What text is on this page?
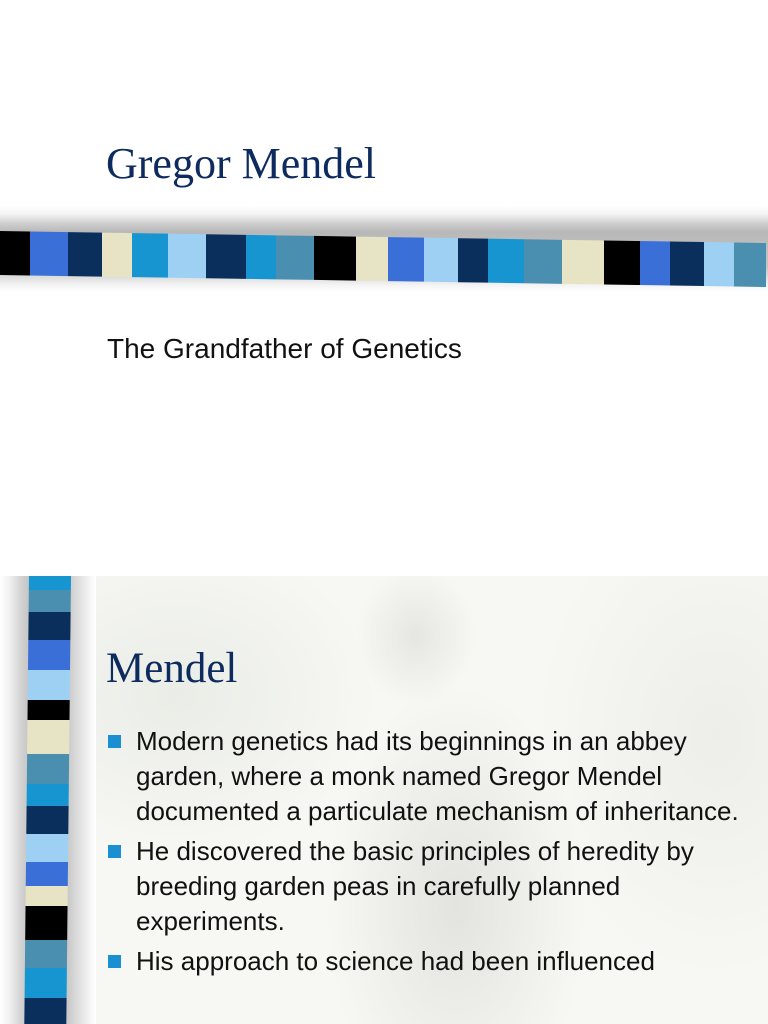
Gregor Mendel
The Grandfather of Genetics
Mendel
Modern genetics had its beginnings in an abbey garden, where a monk named Gregor Mendel documented a particulate mechanism of inheritance.
He discovered the basic principles of heredity by breeding garden peas in carefully planned experiments.
His approach to science had been influenced
